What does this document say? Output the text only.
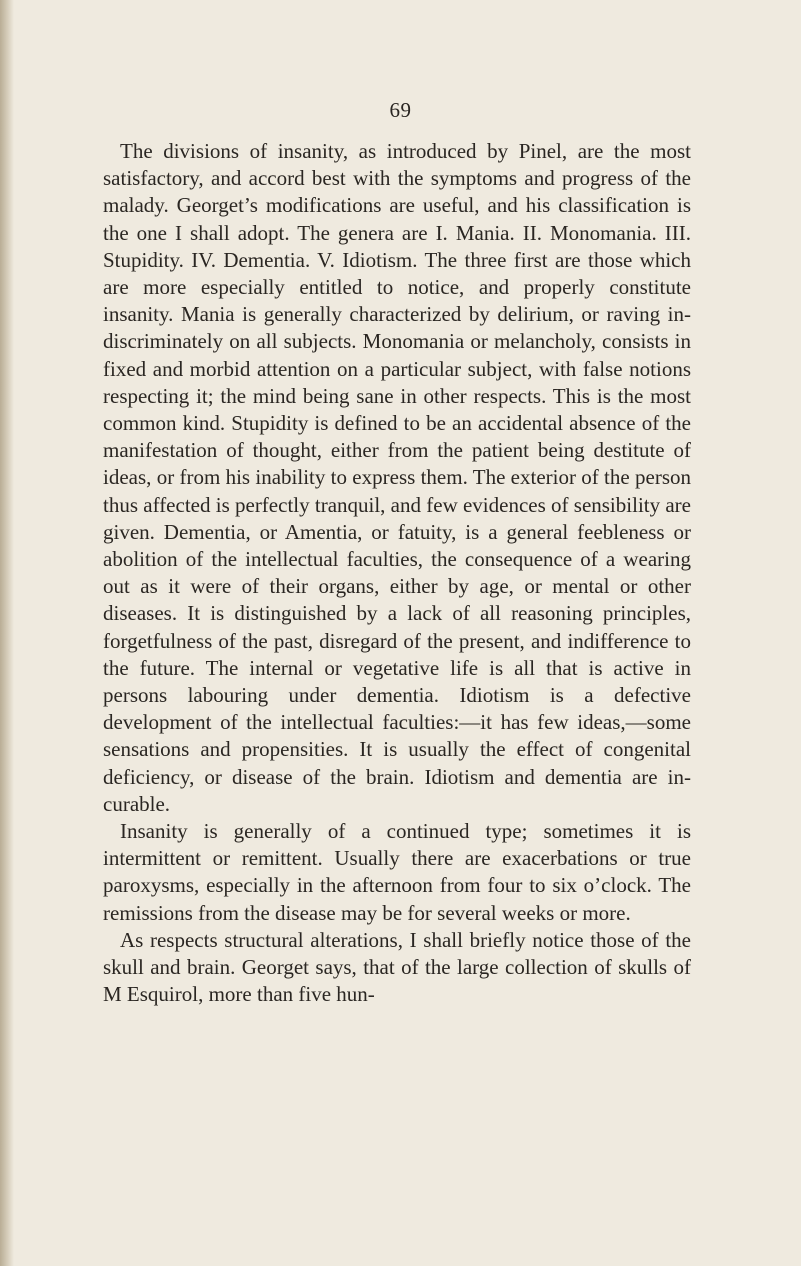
69

The divisions of insanity, as introduced by Pinel, are the most satisfactory, and accord best with the symptoms and progress of the malady. Georget’s modifications are useful, and his classification is the one I shall adopt. The genera are I. Mania. II. Monomania. III. Stupidity. IV. Dementia. V. Idiotism. The three first are those which are more especially entitled to notice, and properly constitute insanity. Mania is generally characterized by delirium, or raving indiscriminately on all subjects. Monomania or melancholy, consists in fixed and morbid attention on a particular subject, with false notions respecting it; the mind being sane in other respects. This is the most common kind. Stupidity is defined to be an accidental absence of the manifestation of thought, either from the patient being destitute of ideas, or from his inability to express them. The exterior of the person thus affected is perfectly tranquil, and few evidences of sensibility are given. Dementia, or Amentia, or fatuity, is a general feebleness or abolition of the intellectual faculties, the consequence of a wearing out as it were of their organs, either by age, or mental or other diseases. It is distinguished by a lack of all reasoning principles, forgetfulness of the past, disregard of the present, and indifference to the future. The internal or vegetative life is all that is active in persons labouring under dementia. Idiotism is a defective development of the intellectual faculties:—it has few ideas,—some sensations and propensities. It is usually the effect of congenital deficiency, or disease of the brain. Idiotism and dementia are incurable.

Insanity is generally of a continued type; sometimes it is intermittent or remittent. Usually there are exacerbations or true paroxysms, especially in the afternoon from four to six o’clock. The remissions from the disease may be for several weeks or more.

As respects structural alterations, I shall briefly notice those of the skull and brain. Georget says, that of the large collection of skulls of M Esquirol, more than five hun-
